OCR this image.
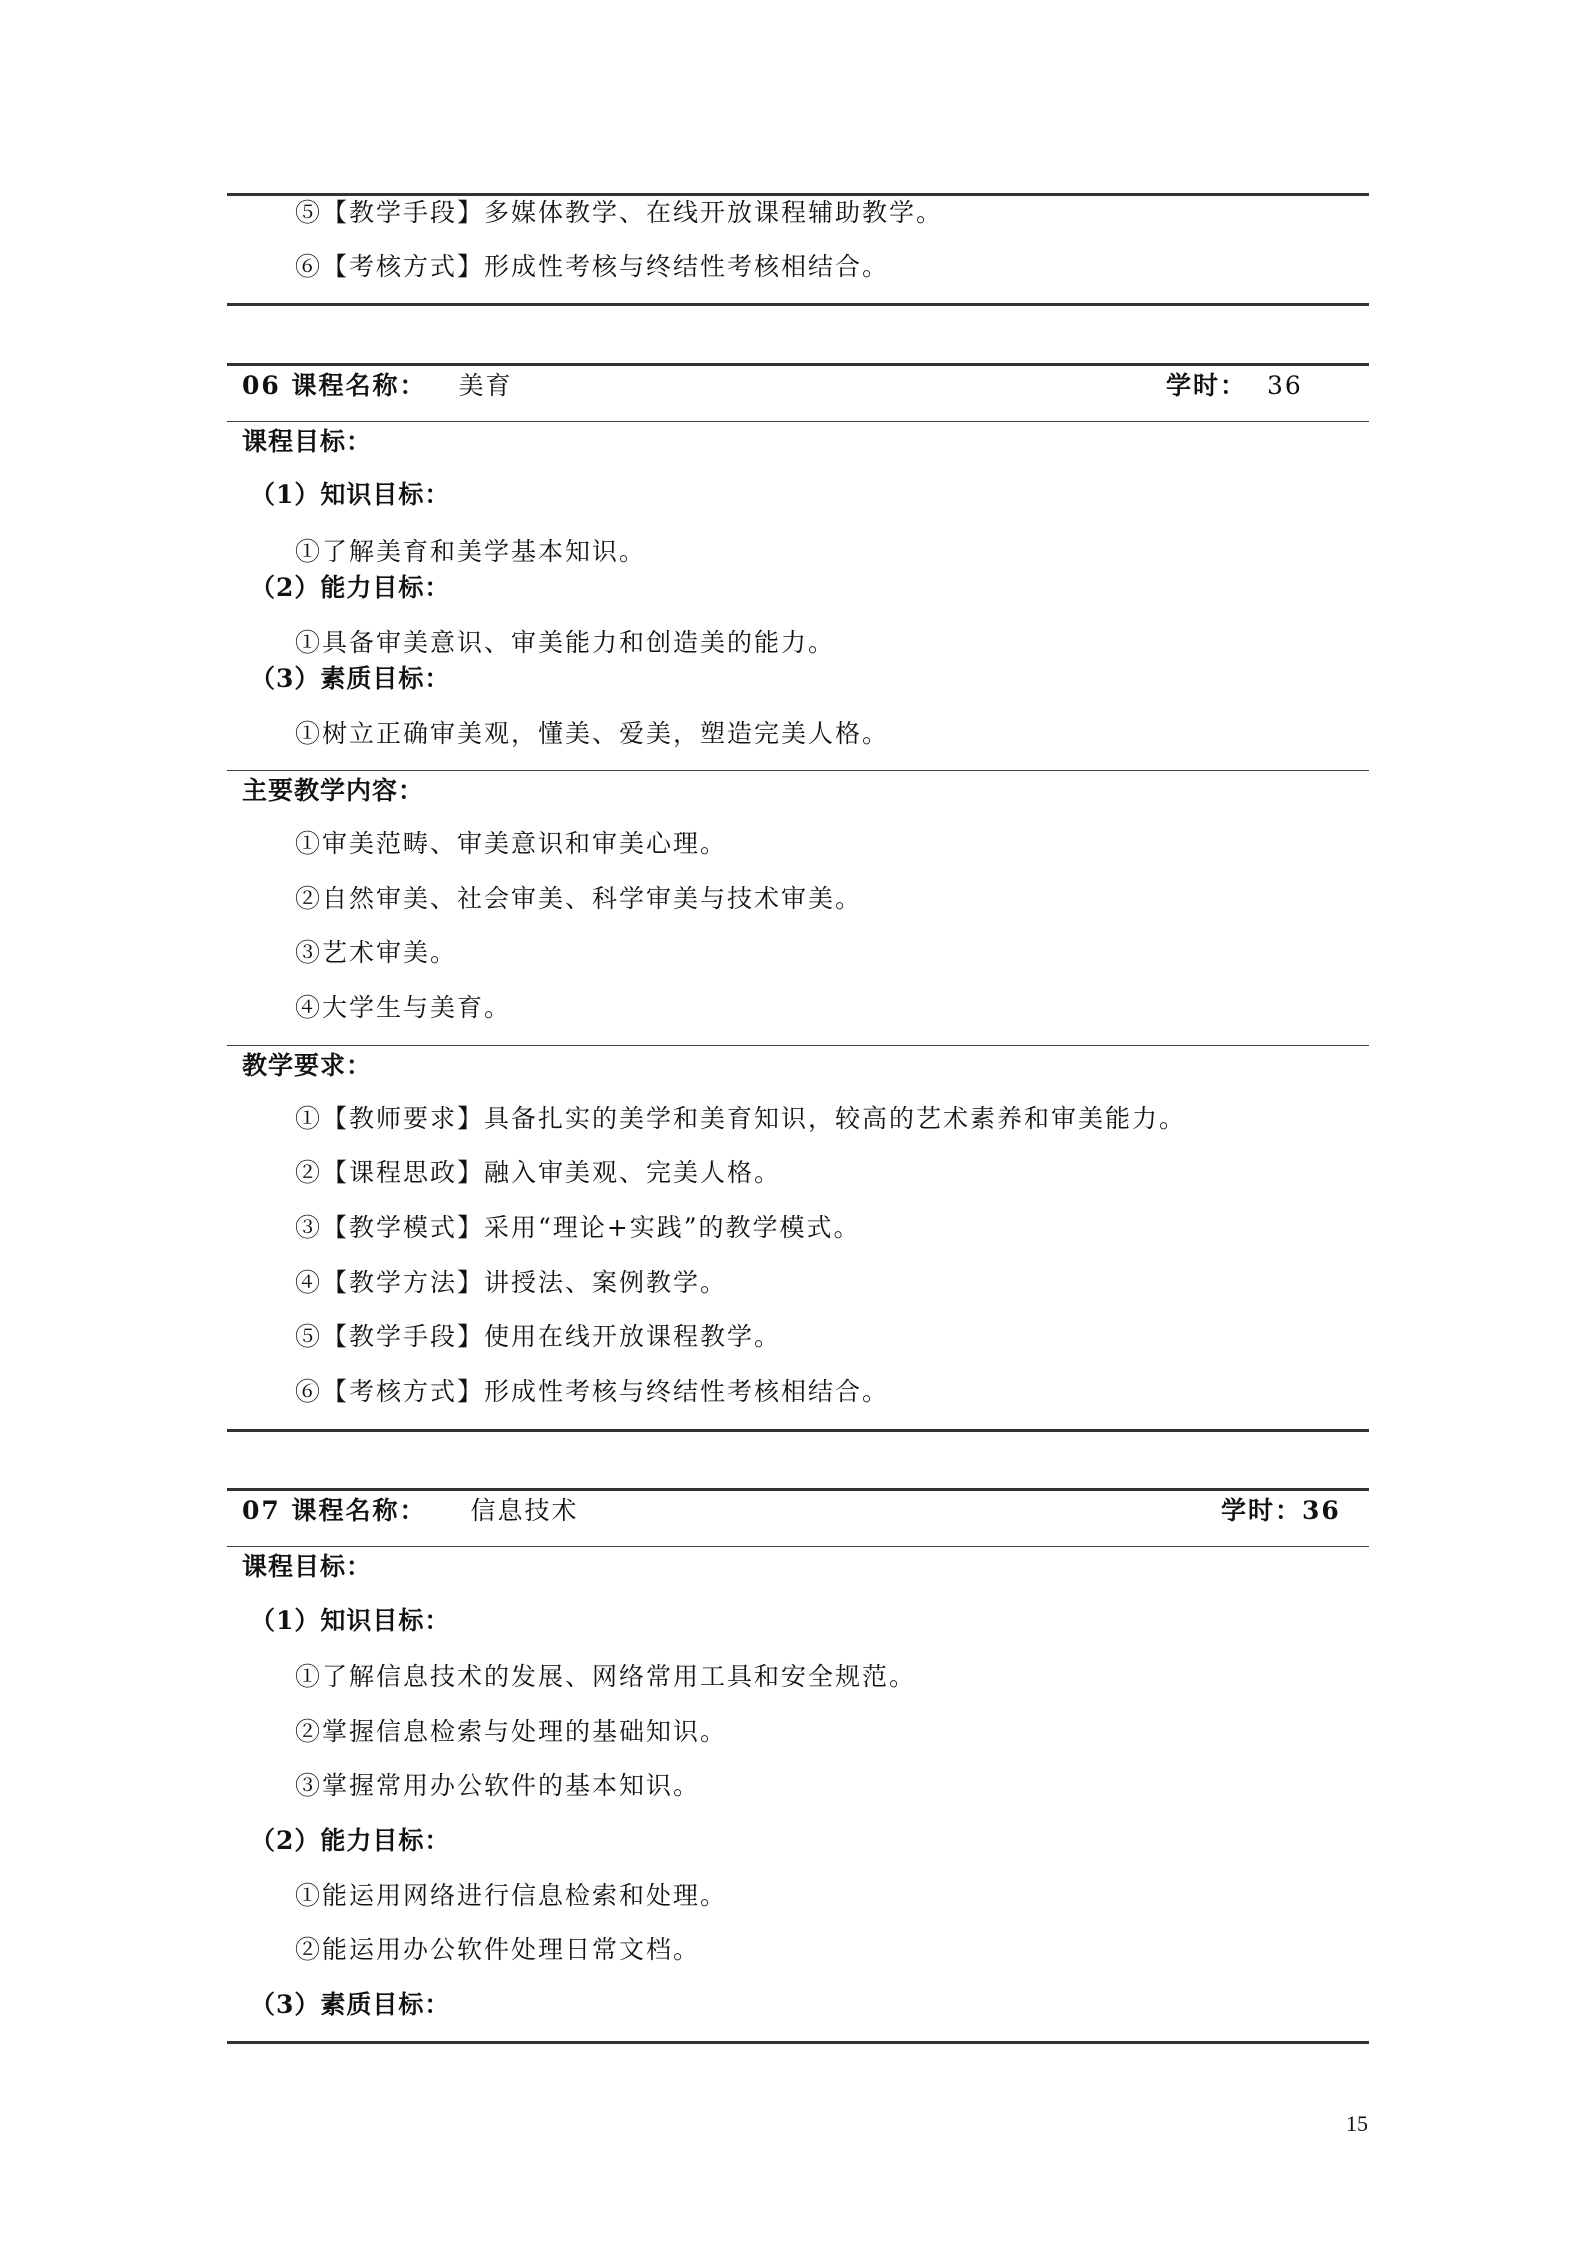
⑤【教学手段】多媒体教学、在线开放课程辅助教学。
⑥【考核方式】形成性考核与终结性考核相结合。
06 课程名称： 美育	学时： 36
课程目标：
（1）知识目标：
①了解美育和美学基本知识。
（2）能力目标：
①具备审美意识、审美能力和创造美的能力。
（3）素质目标：
①树立正确审美观，懂美、爱美，塑造完美人格。
主要教学内容：
①审美范畴、审美意识和审美心理。
②自然审美、社会审美、科学审美与技术审美。
③艺术审美。
④大学生与美育。
教学要求：
①【教师要求】具备扎实的美学和美育知识，较高的艺术素养和审美能力。
②【课程思政】融入审美观、完美人格。
③【教学模式】采用“理论+实践”的教学模式。
④【教学方法】讲授法、案例教学。
⑤【教学手段】使用在线开放课程教学。
⑥【考核方式】形成性考核与终结性考核相结合。
07 课程名称： 信息技术	学时：36
课程目标：
（1）知识目标：
①了解信息技术的发展、网络常用工具和安全规范。
②掌握信息检索与处理的基础知识。
③掌握常用办公软件的基本知识。
（2）能力目标：
①能运用网络进行信息检索和处理。
②能运用办公软件处理日常文档。
（3）素质目标：
15
